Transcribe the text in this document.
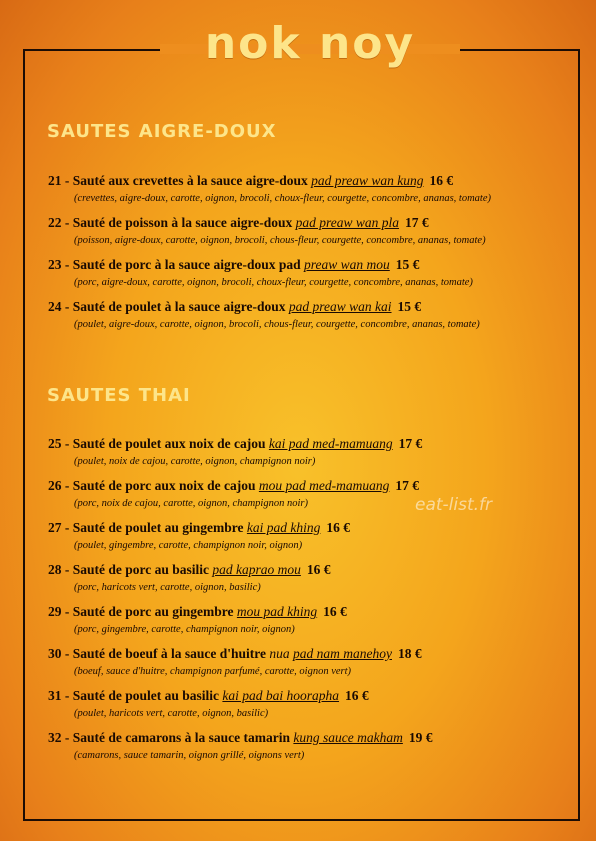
nok noy
SAUTES AIGRE-DOUX
21 - Sauté aux crevettes à la sauce aigre-doux pad preaw wan kung 16 €
(crevettes, aigre-doux, carotte, oignon, brocoli, choux-fleur, courgette, concombre, ananas, tomate)
22 - Sauté de poisson à la sauce aigre-doux pad preaw wan pla 17 €
(poisson, aigre-doux, carotte, oignon, brocoli, chous-fleur, courgette, concombre, ananas, tomate)
23 - Sauté de porc à la sauce aigre-doux pad preaw wan mou 15 €
(porc, aigre-doux, carotte, oignon, brocoli, choux-fleur, courgette, concombre, ananas, tomate)
24 - Sauté de poulet à la sauce aigre-doux pad preaw wan kai 15 €
(poulet, aigre-doux, carotte, oignon, brocoli, chous-fleur, courgette, concombre, ananas, tomate)
SAUTES THAI
25 - Sauté de poulet aux noix de cajou kai pad med-mamuang 17 €
(poulet, noix de cajou, carotte, oignon, champignon noir)
26 - Sauté de porc aux noix de cajou mou pad med-mamuang 17 €
(porc, noix de cajou, carotte, oignon, champignon noir)
27 - Sauté de poulet au gingembre kai pad khing 16 €
(poulet, gingembre, carotte, champignon noir, oignon)
28 - Sauté de porc au basilic pad kaprao mou 16 €
(porc, haricots vert, carotte, oignon, basilic)
29 - Sauté de porc au gingembre mou pad khing 16 €
(porc, gingembre, carotte, champignon noir, oignon)
30 - Sauté de boeuf à la sauce d'huitre nua pad nam manehoy 18 €
(boeuf, sauce d'huitre, champignon parfumé, carotte, oignon vert)
31 - Sauté de poulet au basilic kai pad bai hoorapha 16 €
(poulet, haricots vert, carotte, oignon, basilic)
32 - Sauté de camarons à la sauce tamarin kung sauce makham 19 €
(camarons, sauce tamarin, oignon grillé, oignons vert)
eat-list.fr
